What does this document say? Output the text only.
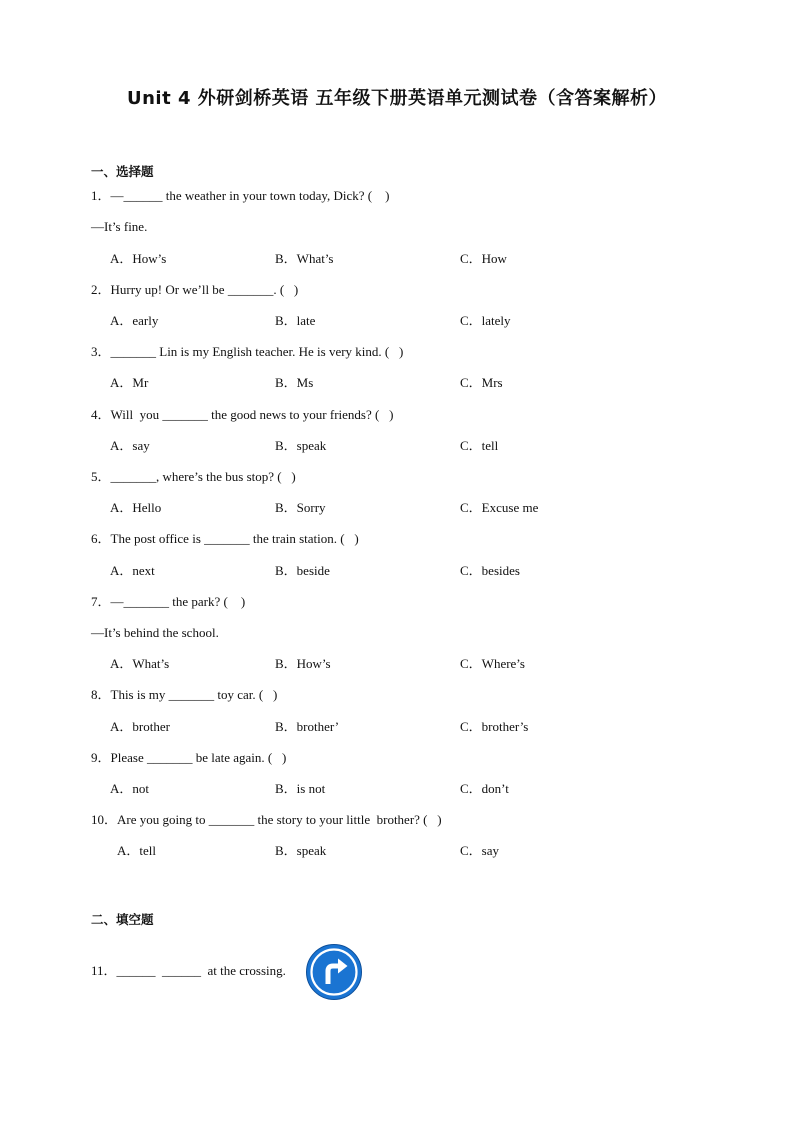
Unit 4 外研剑桥英语 五年级下册英语单元测试卷（含答案解析）
一、选择题
1．—______ the weather in your town today, Dick? (    )
—It’s fine.
A．How’s	B．What’s	C．How
2．Hurry up! Or we’ll be _______. (   )
A．early	B．late	C．lately
3．_______ Lin is my English teacher. He is very kind. (   )
A．Mr	B．Ms	C．Mrs
4．Will  you _______ the good news to your friends? (   )
A．say	B．speak	C．tell
5．_______, where’s the bus stop? (   )
A．Hello	B．Sorry	C．Excuse me
6．The post office is _______ the train station. (   )
A．next	B．beside	C．besides
7．—_______ the park? (    )
—It’s behind the school.
A．What’s	B．How’s	C．Where’s
8．This is my _______ toy car. (   )
A．brother	B．brother’	C．brother’s
9．Please _______ be late again. (   )
A．not	B．is not	C．don’t
10．Are you going to _______ the story to your little  brother? (   )
A．tell	B．speak	C．say
二、填空题
11．______  ______  at the crossing.
